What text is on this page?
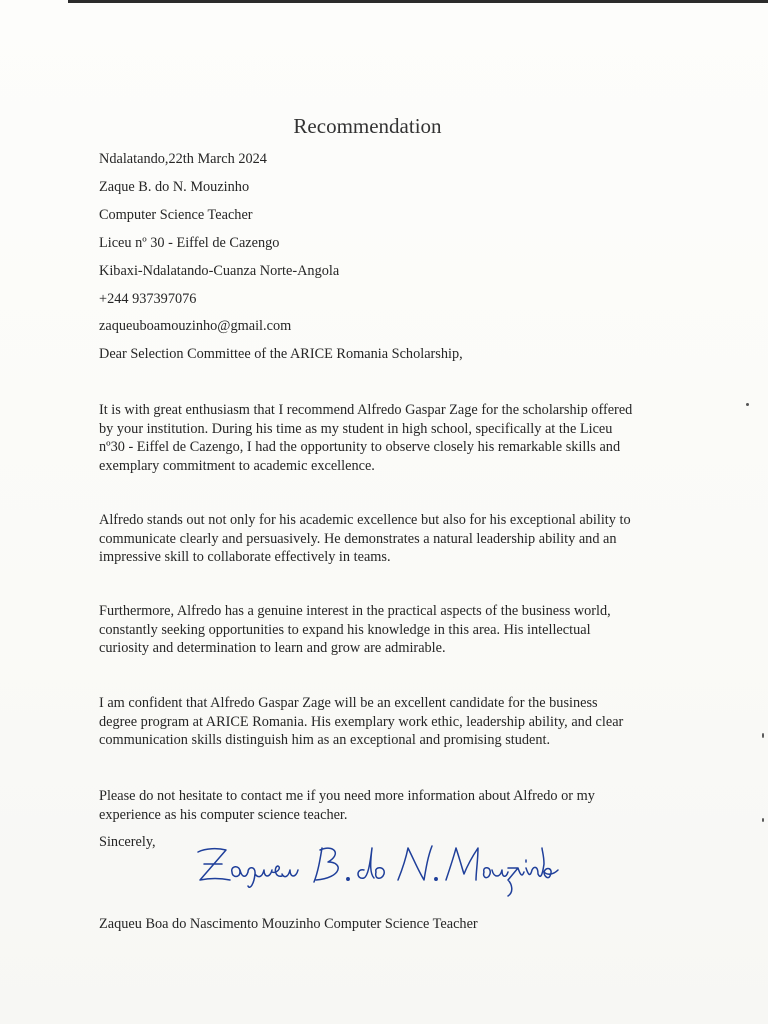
Recommendation
Ndalatando,22th March 2024
Zaque B. do N. Mouzinho
Computer Science Teacher
Liceu nº 30 - Eiffel de Cazengo
Kibaxi-Ndalatando-Cuanza Norte-Angola
+244 937397076
zaqueuboamouzinho@gmail.com
Dear Selection Committee of the ARICE Romania Scholarship,

It is with great enthusiasm that I recommend Alfredo Gaspar Zage for the scholarship offered by your institution. During his time as my student in high school, specifically at the Liceu nº30 - Eiffel de Cazengo, I had the opportunity to observe closely his remarkable skills and exemplary commitment to academic excellence.

Alfredo stands out not only for his academic excellence but also for his exceptional ability to communicate clearly and persuasively. He demonstrates a natural leadership ability and an impressive skill to collaborate effectively in teams.

Furthermore, Alfredo has a genuine interest in the practical aspects of the business world, constantly seeking opportunities to expand his knowledge in this area. His intellectual curiosity and determination to learn and grow are admirable.

I am confident that Alfredo Gaspar Zage will be an excellent candidate for the business degree program at ARICE Romania. His exemplary work ethic, leadership ability, and clear communication skills distinguish him as an exceptional and promising student.

Please do not hesitate to contact me if you need more information about Alfredo or my experience as his computer science teacher.

Sincerely,
Zaqueu Boa do Nascimento Mouzinho Computer Science Teacher
